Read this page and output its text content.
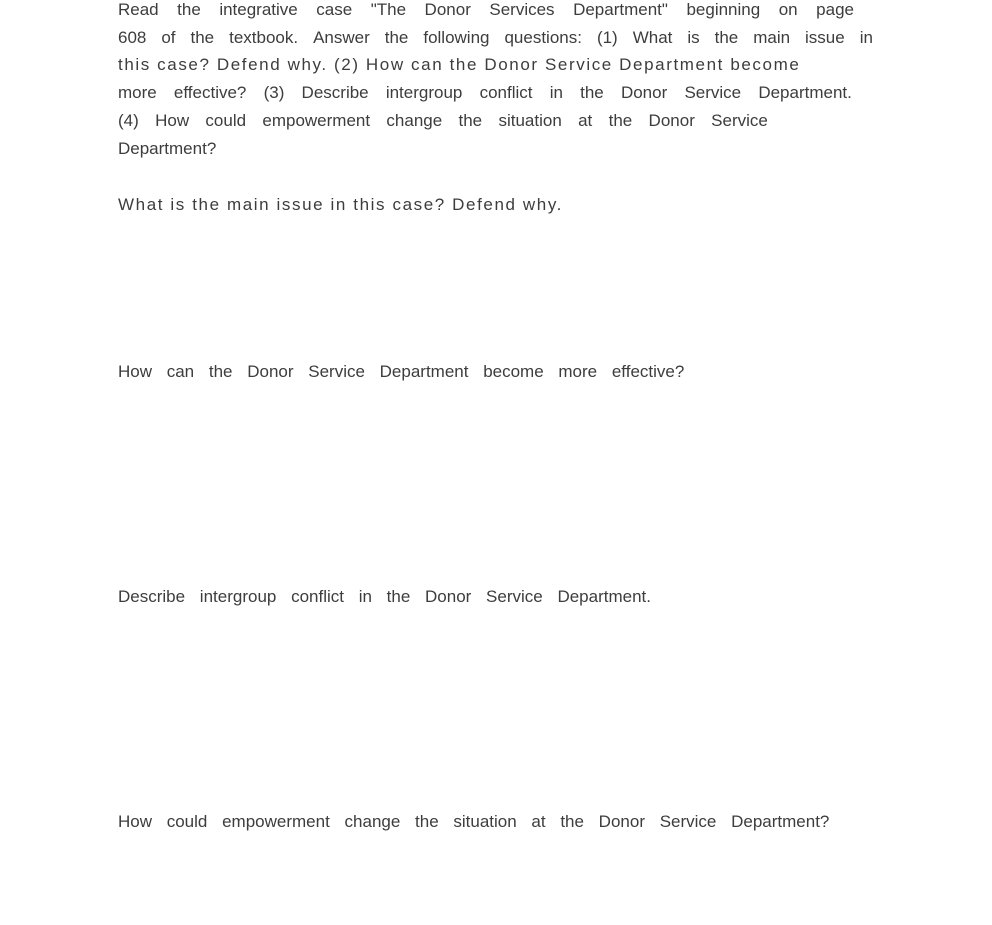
Read the integrative case "The Donor Services Department" beginning on page
608 of the textbook. Answer the following questions: (1) What is the main issue in
this case? Defend why. (2) How can the Donor Service Department become
more effective? (3) Describe intergroup conflict in the Donor Service Department.
(4) How could empowerment change the situation at the Donor Service
Department?
What is the main issue in this case? Defend why.
How can the Donor Service Department become more effective?
Describe intergroup conflict in the Donor Service Department.
How could empowerment change the situation at the Donor Service Department?
